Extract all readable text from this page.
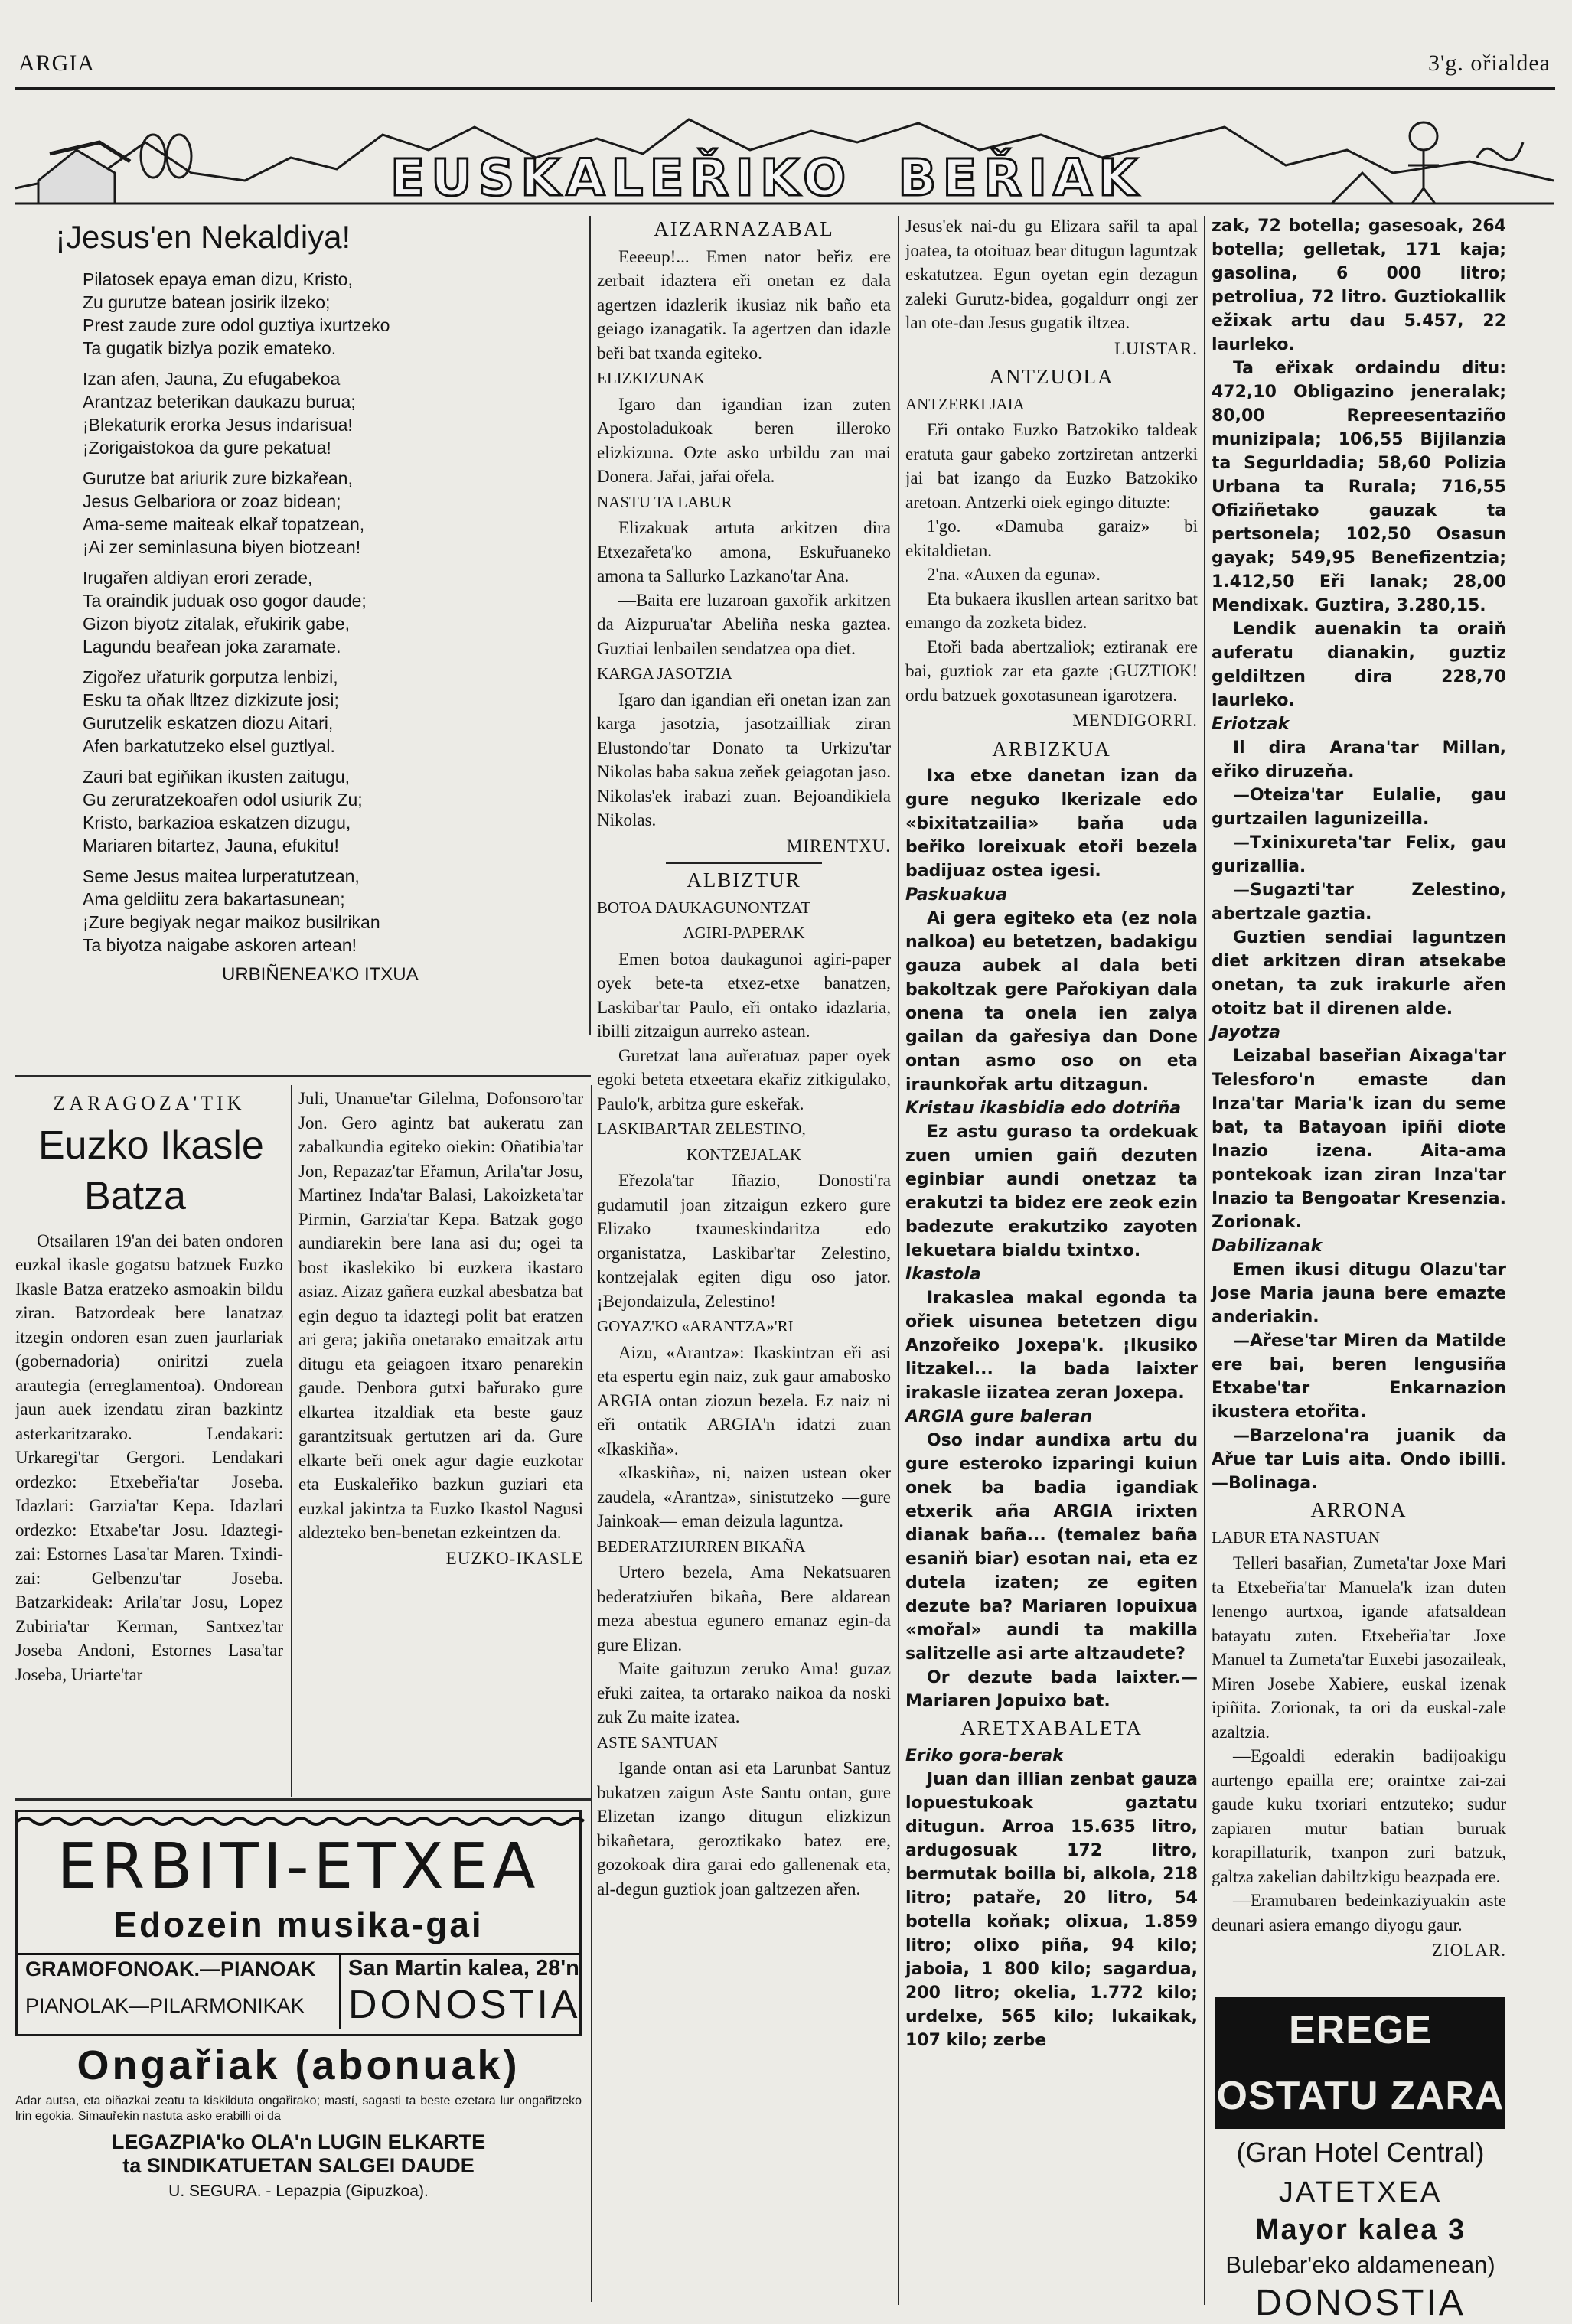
ARGIA	3'g. ořialdea
EUSKALEŘIKO BEŘIAK
¡Jesus'en Nekaldiya!
Pilatosek epaya eman dizu, Kristo,
Zu gurutze batean josirik ilzeko;
Prest zaude zure odol guztiya ixurtzeko
Ta gugatik bizlya pozik emateko.
Izan afen, Jauna, Zu efugabekoa
Arantzaz beterikan daukazu burua;
¡Blekaturik erorka Jesus indarisua!
¡Zorigaistokoa da gure pekatua!
Gurutze bat ariurik zure bizkařean,
Jesus Gelbariora or zoaz bidean;
Ama-seme maiteak elkař topatzean,
¡Ai zer seminlasuna biyen biotzean!
Irugařen aldiyan erori zerade,
Ta oraindik juduak oso gogor daude;
Gizon biyotz zitalak, eřukirik gabe,
Lagundu beařean joka zaramate.
Zigořez uřaturik gorputza lenbizi,
Esku ta oňak lltzez dizkizute josi;
Gurutzelik eskatzen diozu Aitari,
Afen barkatutzeko elsel guztlyal.
Zauri bat egiňikan ikusten zaitugu,
Gu zeruratzekoařen odol usiurik Zu;
Kristo, barkazioa eskatzen dizugu,
Mariaren bitartez, Jauna, efukitu!
Seme Jesus maitea lurperatutzean,
Ama geldiitu zera bakartasunean;
¡Zure begiyak negar maikoz busilrikan
Ta biyotza naigabe askoren artean!
URBIÑENEA'KO ITXUA
ZARAGOZA'TIK
Euzko Ikasle
Batza

Otsailaren 19'an dei baten ondoren euzkal ikasle gogatsu batzuek Euzko Ikasle Batza eratzeko asmoakin bildu ziran. Batzordeak bere lanatzaz itzegin ondoren esan zuen jaurlariak (gobernadoria) oniritzi zuela arautegia (erreglamentoa). Ondorean jaun auek izendatu ziran bazkintz asterkaritzarako. Lendakari: Urkaregi'tar Gergori. Lendakari ordezko: Etxebeřia'tar Joseba. Idazlari: Garzia'tar Kepa. Idazlari ordezko: Etxabe'tar Josu. Idaztegi-zai: Estornes Lasa'tar Maren. Txindi-zai: Gelbenzu'tar Joseba. Batzarkideak: Arila'tar Josu, Lopez Zubiria'tar Kerman, Santxez'tar Joseba Andoni, Estornes Lasa'tar Joseba, Uriarte'tar

Juli, Unanue'tar Gilelma, Dofonsoro'tar Jon. Gero agintz bat aukeratu zan zabalkundia egiteko oiekin: Oñatibia'tar Jon, Repazaz'tar Eřamun, Arila'tar Josu, Martinez Inda'tar Balasi, Lakoizketa'tar Pirmin, Garzia'tar Kepa. Batzak gogo aundiarekin bere lana asi du; ogei ta bost ikaslekiko bi euzkera ikastaro asiaz. Aizaz gañera euzkal abesbatza bat egin deguo ta idaztegi polit bat eratzen ari gera; jakiña onetarako emaitzak artu ditugu eta geiagoen itxaro penarekin gaude. Denbora gutxi bařurako gure elkartea itzaldiak eta beste gauz garantzitsuak gertutzen ari da. Gure elkarte beři onek agur dagie euzkotar eta Euskaleřiko bazkun guziari eta euzkal jakintza ta Euzko Ikastol Nagusi aldezteko ben-benetan ezkeintzen da.

EUZKO-IKASLE
ERBITI-ETXEA
Edozein musika-gai
GRAMOFONOAK.—PIANOAK
PIANOLAK—PILARMONIKAK
San Martin kalea, 28'n
DONOSTIA
Ongařiak (abonuak)
Adar autsa, eta oiňazkai zeatu ta kiskilduta ongařirako; mastí, sagasti ta beste ezetara lur ongařitzeko lrin egokia. Simauřekin nastuta asko erabilli oi da
LEGAZPIA'ko OLA'n LUGIN ELKARTE
ta SINDIKATUETAN SALGEI DAUDE
U. SEGURA. - Lepazpia (Gipuzkoa).
AIZARNAZABAL

Eeeeup!... Emen nator beřiz ere zerbait idaztera eři onetan ez dala agertzen idazlerik ikusiaz nik baño eta geiago izanagatik. Ia agertzen dan idazle beři bat txanda egiteko.

ELIZKIZUNAK

Igaro dan igandian izan zuten Apostoladukoak beren illeroko elizkizuna. Ozte asko urbildu zan mai Donera. Jařai, jařai ořela.

NASTU TA LABUR

Elizakuak artuta arkitzen dira Etxezařeta'ko amona, Eskuřuaneko amona ta Sallurko Lazkano'tar Ana.

—Baita ere luzaroan gaxořik arkitzen da Aizpurua'tar Abeliña neska gaztea. Guztiai lenbailen sendatzea opa diet.

KARGA JASOTZIA

Igaro dan igandian eři onetan izan zan karga jasotzia, jasotzailliak ziran Elustondo'tar Donato ta Urkizu'tar Nikolas baba sakua zeňek geiagotan jaso. Nikolas'ek irabazi zuan. Bejoandikiela Nikolas.

MIRENTXU.
ALBIZTUR
BOTOA DAUKAGUNONTZAT
AGIRI-PAPERAK

Emen botoa daukagunoi agiri-paper oyek bete-ta etxez-etxe banatzen, Laskibar'tar Paulo, eři ontako idazlaria, ibilli zitzaigun aurreko astean.

Guretzat lana auřeratuaz paper oyek egoki beteta etxeetara ekařiz zitkigulako, Paulo'k, arbitza gure eskeřak.

LASKIBAR'TAR ZELESTINO,
KONTZEJALAK

Eřezola'tar Iñazio, Donosti'ra gudamutil joan zitzaigun ezkero gure Elizako txauneskindaritza edo organistatza, Laskibar'tar Zelestino, kontzejalak egiten digu oso jator. ¡Bejondaizula, Zelestino!

GOYAZ'KO «ARANTZA»'RI

Aizu, «Arantza»: Ikaskintzan eři asi eta espertu egin naiz, zuk gaur amabosko ARGIA ontan ziozun bezela. Ez naiz ni eři ontatik ARGIA'n idatzi zuan «Ikaskiña».

«Ikaskiña», ni, naizen ustean oker zaudela, «Arantza», sinistutzeko —gure Jainkoak— eman deizula laguntza.

BEDERATZIURREN BIKAÑA

Urtero bezela, Ama Nekatsuaren bederatziuřen bikaña, Bere aldarean meza abestua egunero emanaz egin-da gure Elizan.

Maite gaituzun zeruko Ama! guzaz eřuki zaitea, ta ortarako naikoa da noski zuk Zu maite izatea.

ASTE SANTUAN

Igande ontan asi eta Larunbat Santuz bukatzen zaigun Aste Santu ontan, gure Elizetan izango ditugun elizkizun bikañetara, geroztikako batez ere, gozokoak dira garai edo gallenenak eta, al-degun guztiok joan galtzezen ařen.

Jesus'ek nai-du gu Elizara sařil ta apal joatea, ta otoituaz bear ditugun laguntzak eskatutzea. Egun oyetan egin dezagun zaleki Gurutz-bidea, gogaldurr ongi zer lan ote-dan Jesus gugatik iltzea.

LUISTAR.
ANTZUOLA
ANTZERKI JAIA

Eři ontako Euzko Batzokiko taldeak eratuta gaur gabeko zortziretan antzerki jai bat izango da Euzko Batzokiko aretoan. Antzerki oiek egingo dituzte:

1'go. «Damuba garaiz» bi ekitaldietan.

2'na. «Auxen da eguna».

Eta bukaera ikusllen artean saritxo bat emango da zozketa bidez.

Etoři bada abertzaliok; eztiranak ere bai, guztiok zar eta gazte ¡GUZTIOK! ordu batzuek goxotasunean igarotzera.

MENDIGORRI.
ARBIZKUA

Ixa etxe danetan izan da gure neguko lkerizale edo «bixitatzailia» baňa uda beřiko loreixuak etoři bezela badijuaz ostea igesi.

Paskuakua

Ai gera egiteko eta (ez nola nalkoa) eu betetzen, badakigu gauza aubek al dala beti bakoltzak gere Pařokiyan dala onena ta onela ien zalya gailan da gařesiya dan Done ontan asmo oso on eta iraunkořak artu ditzagun.

Kristau ikasbidia edo dotriña

Ez astu guraso ta ordekuak zuen umien gaiñ dezuten eginbiar aundi onetzaz ta erakutzi ta bidez ere zeok ezin badezute erakutziko zayoten lekuetara bialdu txintxo.

Ikastola

Irakaslea makal egonda ta ořiek uisunea betetzen digu Anzořeiko Joxepa'k. ¡Ikusiko litzakel... Ia bada laixter irakasle iizatea zeran Joxepa.

ARGIA gure baleran

Oso indar aundixa artu du gure esteroko izparingi kuiun onek ba badia igandiak etxerik aña ARGIA irixten dianak baña... (temalez baña esaniň biar) esotan nai, eta ez dutela izaten; ze egiten dezute ba? Mariaren lopuixua «mořal» aundi ta makilla salitzelle asi arte altzaudete?

Or dezute bada laixter.—Mariaren Jopuixo bat.

ARETXABALETA
Eriko gora-berak

Juan dan illian zenbat gauza lopuestukoak gaztatu ditugun. Arroa 15.635 litro, ardugosuak 172 litro, bermutak boilla bi, alkola, 218 litro; pataře, 20 litro, 54 botella koňak; olixua, 1.859 litro; olixo piña, 94 kilo; jaboia, 1 800 kilo; sagardua, 200 litro; okelia, 1.772 kilo; urdelxe, 565 kilo; lukaikak, 107 kilo; zerbe

zak, 72 botella; gasesoak, 264 botella; gelletak, 171 kaja; gasolina, 6 000 litro; petroliua, 72 litro. Guztiokallik ežixak artu dau 5.457, 22 laurleko.

Ta eřixak ordaindu ditu: 472,10 Obligazino jeneralak; 80,00 Repreesentaziño munizipala; 106,55 Bijilanzia ta Segurldadia; 58,60 Polizia Urbana ta Rurala; 716,55 Ofiziñetako gauzak ta pertsonela; 102,50 Osasun gayak; 549,95 Benefizentzia; 1.412,50 Eři lanak; 28,00 Mendixak. Guztira, 3.280,15.

Lendik auenakin ta oraiň auferatu dianakin, guztiz geldiltzen dira 228,70 laurleko.

Eriotzak

Il dira Arana'tar Millan, eřiko diruzeňa.

—Oteiza'tar Eulalie, gau gurtzailen lagunizeilla.

—Txinixureta'tar Felix, gau gurizallia.

—Sugazti'tar Zelestino, abertzale gaztia.

Guztien sendiai laguntzen diet arkitzen diran atsekabe onetan, ta zuk irakurle ařen otoitz bat il direnen alde.

Jayotza

Leizabal baseřian Aixaga'tar Telesforo'n emaste dan Inza'tar Maria'k izan du seme bat, ta Batayoan ipiñi diote Inazio izena. Aita-ama pontekoak izan ziran Inza'tar Inazio ta Bengoatar Kresenzia. Zorionak.

Dabilizanak

Emen ikusi ditugu Olazu'tar Jose Maria jauna bere emazte anderiakin.

—Ařese'tar Miren da Matilde ere bai, beren lengusiña Etxabe'tar Enkarnazion ikustera etořita.

—Barzelona'ra juanik da Ařue tar Luis aita. Ondo ibilli.—Bolinaga.

ARRONA
LABUR ETA NASTUAN

Telleri basařian, Zumeta'tar Joxe Mari ta Etxebeřia'tar Manuela'k izan duten lenengo aurtxoa, igande afatsaldean batayatu zuten. Etxebeřia'tar Joxe Manuel ta Zumeta'tar Euxebi jasozaileak, Miren Josebe Xabiere, euskal izenak ipiñita. Zorionak, ta ori da euskal-zale azaltzia.

—Egoaldi ederakin badijoakigu aurtengo epailla ere; oraintxe zai-zai gaude kuku txoriari entzuteko; sudur zapiaren mutur batian buruak korapillaturik, txanpon zuri batzuk, galtza zakelian dabiltzkigu beazpada ere.

—Eramubaren bedeinkaziyuakin aste deunari asiera emango diyogu gaur.

ZIOLAR.
EREGE OSTATU ZARA
(Gran Hotel Central)
JATETXEA
Mayor kalea 3
Bulebar'eko aldamenean)
DONOSTIA
